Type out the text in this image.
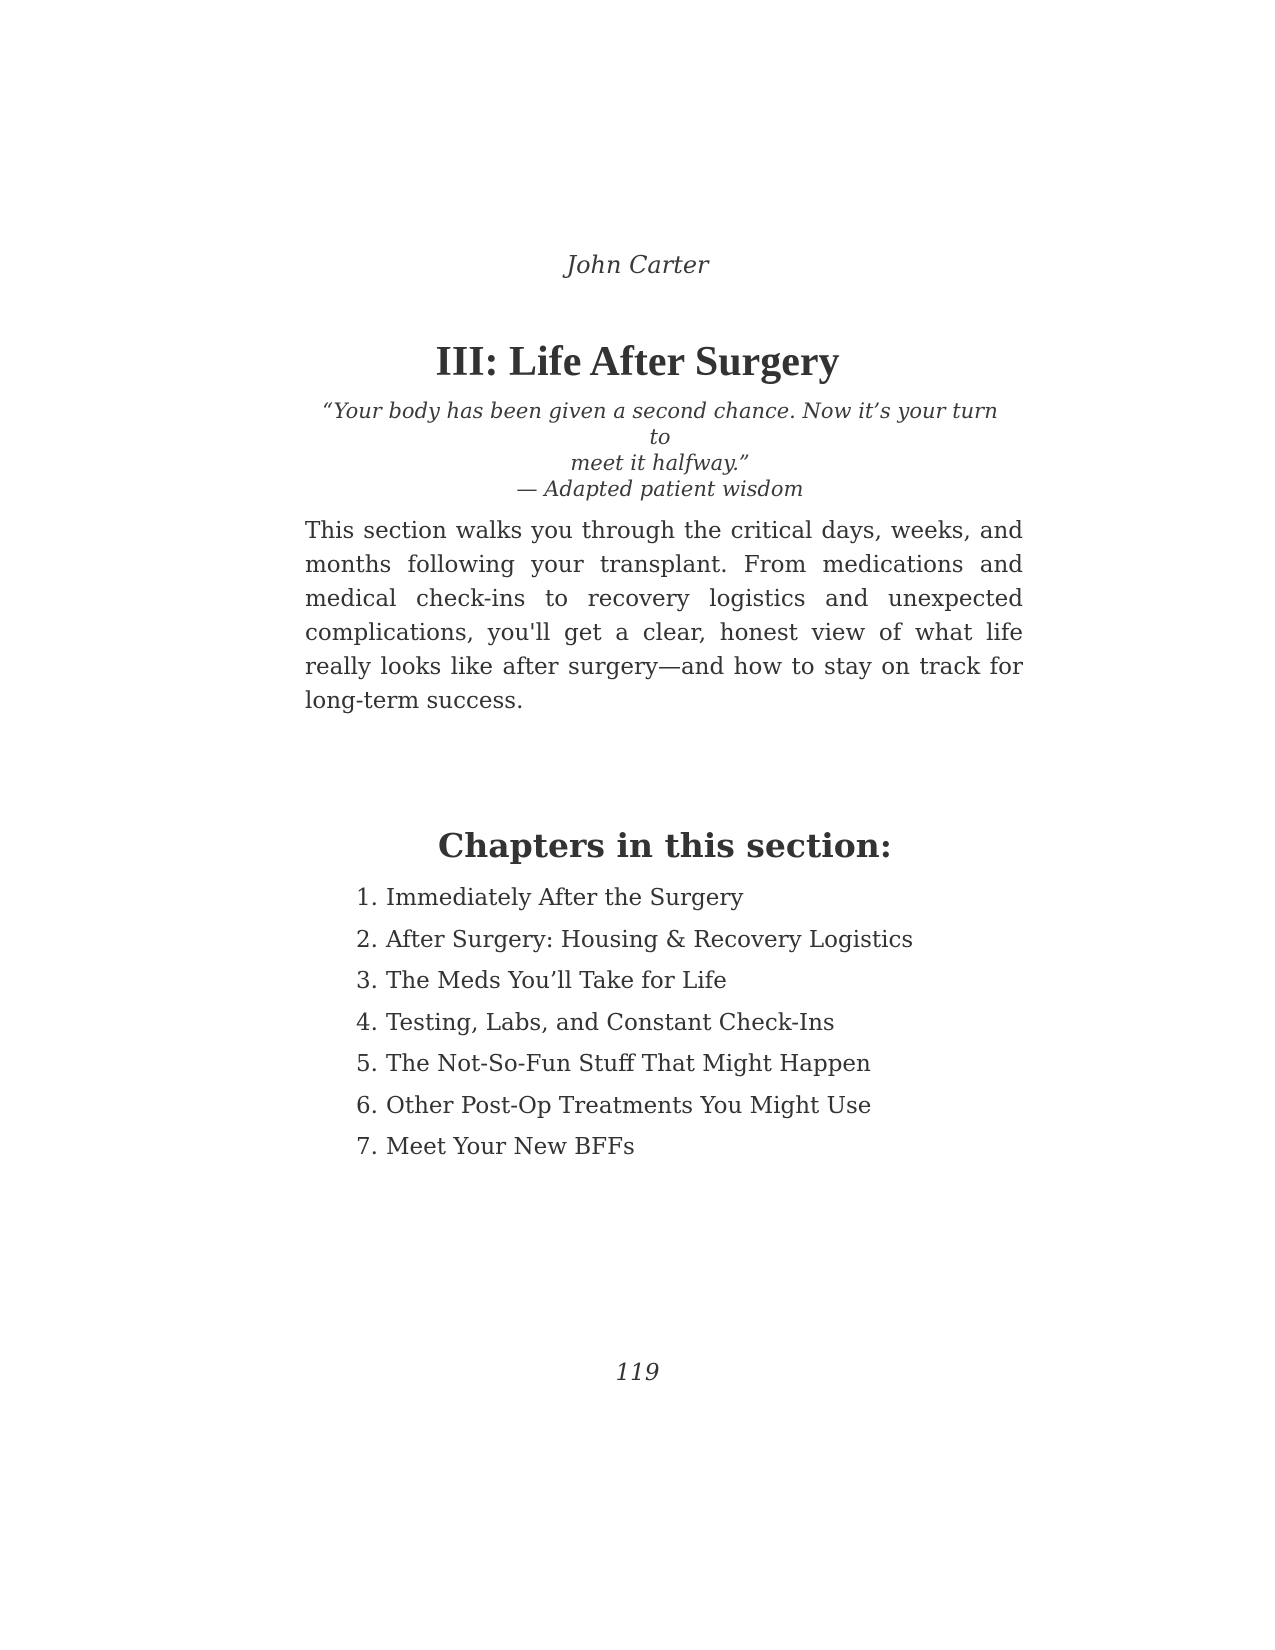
John Carter
III: Life After Surgery
“Your body has been given a second chance. Now it’s your turn to
meet it halfway.”
— Adapted patient wisdom

This section walks you through the critical days, weeks, and months following your transplant. From medications and medical check-ins to recovery logistics and unexpected complications, you'll get a clear, honest view of what life really looks like after surgery—and how to stay on track for long-term success.

Chapters in this section:
1. Immediately After the Surgery
2. After Surgery: Housing & Recovery Logistics
3. The Meds You’ll Take for Life
4. Testing, Labs, and Constant Check-Ins
5. The Not-So-Fun Stuff That Might Happen
6. Other Post-Op Treatments You Might Use
7. Meet Your New BFFs
119
